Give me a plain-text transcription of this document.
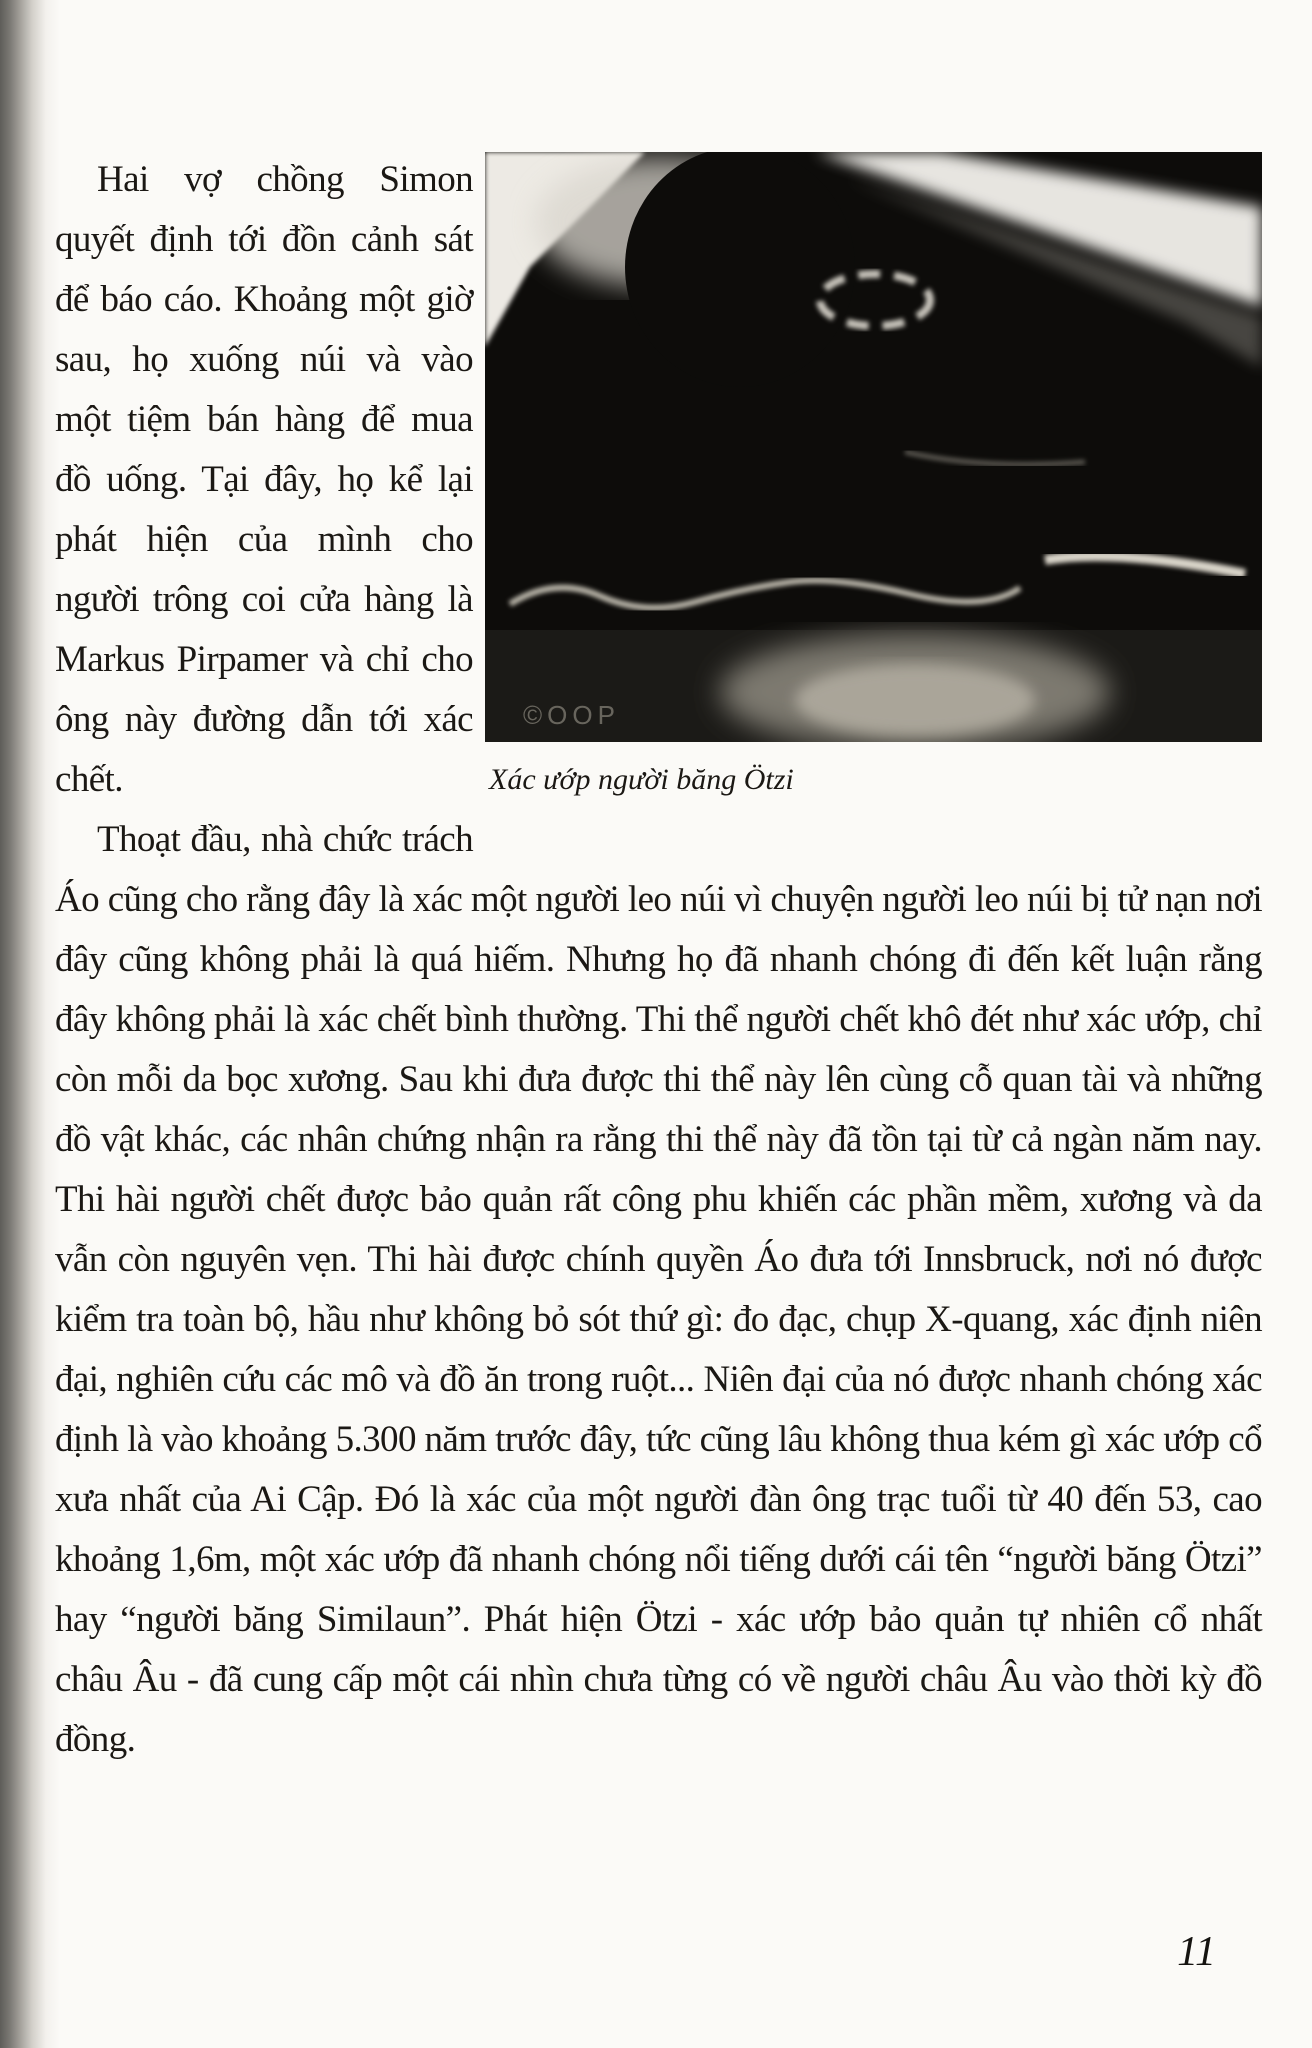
©OOP
Xác ướp người băng Ötzi

Hai vợ chồng Simon quyết định tới đồn cảnh sát để báo cáo. Khoảng một giờ sau, họ xuống núi và vào một tiệm bán hàng để mua đồ uống. Tại đây, họ kể lại phát hiện của mình cho người trông coi cửa hàng là Markus Pirpamer và chỉ cho ông này đường dẫn tới xác chết.

Thoạt đầu, nhà chức trách Áo cũng cho rằng đây là xác một người leo núi vì chuyện người leo núi bị tử nạn nơi đây cũng không phải là quá hiếm. Nhưng họ đã nhanh chóng đi đến kết luận rằng đây không phải là xác chết bình thường. Thi thể người chết khô đét như xác ướp, chỉ còn mỗi da bọc xương. Sau khi đưa được thi thể này lên cùng cỗ quan tài và những đồ vật khác, các nhân chứng nhận ra rằng thi thể này đã tồn tại từ cả ngàn năm nay. Thi hài người chết được bảo quản rất công phu khiến các phần mềm, xương và da vẫn còn nguyên vẹn. Thi hài được chính quyền Áo đưa tới Innsbruck, nơi nó được kiểm tra toàn bộ, hầu như không bỏ sót thứ gì: đo đạc, chụp X-quang, xác định niên đại, nghiên cứu các mô và đồ ăn trong ruột... Niên đại của nó được nhanh chóng xác định là vào khoảng 5.300 năm trước đây, tức cũng lâu không thua kém gì xác ướp cổ xưa nhất của Ai Cập. Đó là xác của một người đàn ông trạc tuổi từ 40 đến 53, cao khoảng 1,6m, một xác ướp đã nhanh chóng nổi tiếng dưới cái tên “người băng Ötzi” hay “người băng Similaun”. Phát hiện Ötzi - xác ướp bảo quản tự nhiên cổ nhất châu Âu - đã cung cấp một cái nhìn chưa từng có về người châu Âu vào thời kỳ đồ đồng.

11
